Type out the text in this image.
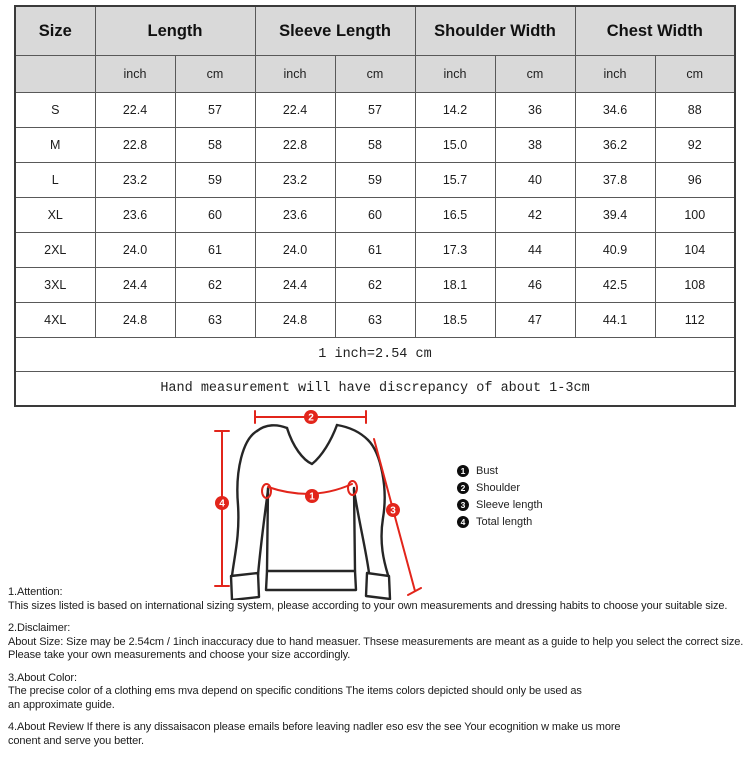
Size	Length		Sleeve Length		Shoulder Width		Chest Width	
	inch	cm	inch	cm	inch	cm	inch	cm
S	22.4	57	22.4	57	14.2	36	34.6	88
M	22.8	58	22.8	58	15.0	38	36.2	92
L	23.2	59	23.2	59	15.7	40	37.8	96
XL	23.6	60	23.6	60	16.5	42	39.4	100
2XL	24.0	61	24.0	61	17.3	44	40.9	104
3XL	24.4	62	24.4	62	18.1	46	42.5	108
4XL	24.8	63	24.8	63	18.5	47	44.1	112
1 inch=2.54 cm								
Hand measurement will have discrepancy of about 1-3cm								
1
2
3
4
1 Bust
2 Shoulder
3 Sleeve length
4 Total length
1.Attention:
This sizes listed is based on international sizing system, please according to your own measurements and dressing habits to choose your suitable size.
2.Disclaimer:
About Size: Size may be 2.54cm / 1inch inaccuracy due to hand measuer. Thsese measurements are meant as a guide to help you select the correct size.
Please take your own measurements and choose your size accordingly.
3.About Color:
The precise color of a clothing ems mva depend on specific conditions The items colors depicted should only be used as
an approximate guide.
4.About Review If there is any dissaisacon please emails before leaving nadler eso esv the see Your ecognition w make us more
conent and serve you better.
